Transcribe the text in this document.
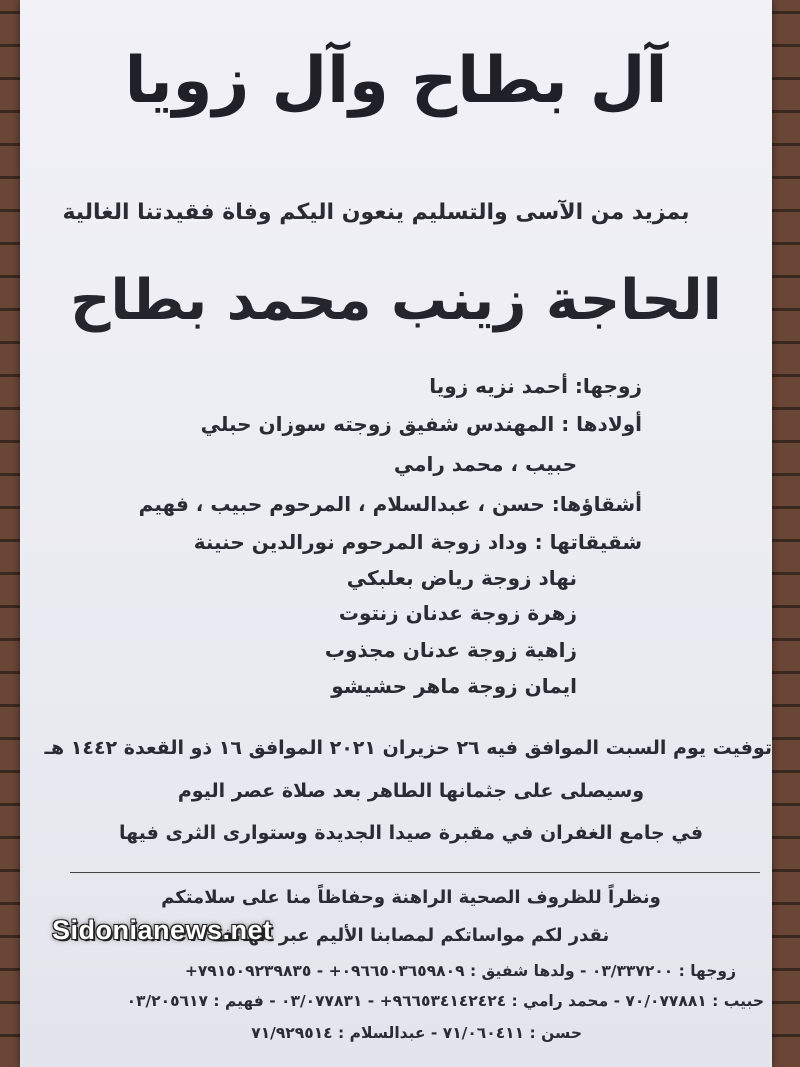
آل بطاح وآل زويا
بمزيد من الآسى والتسليم ينعون اليكم وفاة فقيدتنا الغالية
الحاجة زينب محمد بطاح
زوجها: أحمد نزيه زويا
أولادها : المهندس شفيق زوجته سوزان حبلي
حبيب ، محمد رامي
أشقاؤها: حسن ، عبدالسلام ، المرحوم حبيب ، فهيم
شقيقاتها : وداد زوجة المرحوم نورالدين حنينة
نهاد زوجة رياض بعلبكي
زهرة زوجة عدنان زنتوت
زاهية زوجة عدنان مجذوب
ايمان زوجة ماهر حشيشو
توفيت يوم السبت الموافق فيه ٢٦ حزيران ٢٠٢١ الموافق ١٦ ذو القعدة ١٤٤٢ هـ
وسيصلى على جثمانها الطاهر بعد صلاة عصر اليوم
في جامع الغفران في مقبرة صيدا الجديدة وستوارى الثرى فيها
ونظراً للظروف الصحية الراهنة وحفاظاً منا على سلامتكم
نقدر لكم مواساتكم لمصابنا الأليم عبر الهاتف
زوجها : ٠٣/٣٣٧٢٠٠ - ولدها شفيق : ٠٩٦٦٥٠٣٦٥٩٨٠٩+ - ٧٩١٥٠٩٢٣٩٨٣٥+
حبيب : ٧٠/٠٧٧٨٨١ - محمد رامي : ٩٦٦٥٣٤١٤٢٤٢٤+ - ٠٣/٠٧٧٨٣١ - فهيم : ٠٣/٢٠٥٦١٧
حسن : ٧١/٠٦٠٤١١ - عبدالسلام : ٧١/٩٢٩٥١٤
Sidonianews.net
